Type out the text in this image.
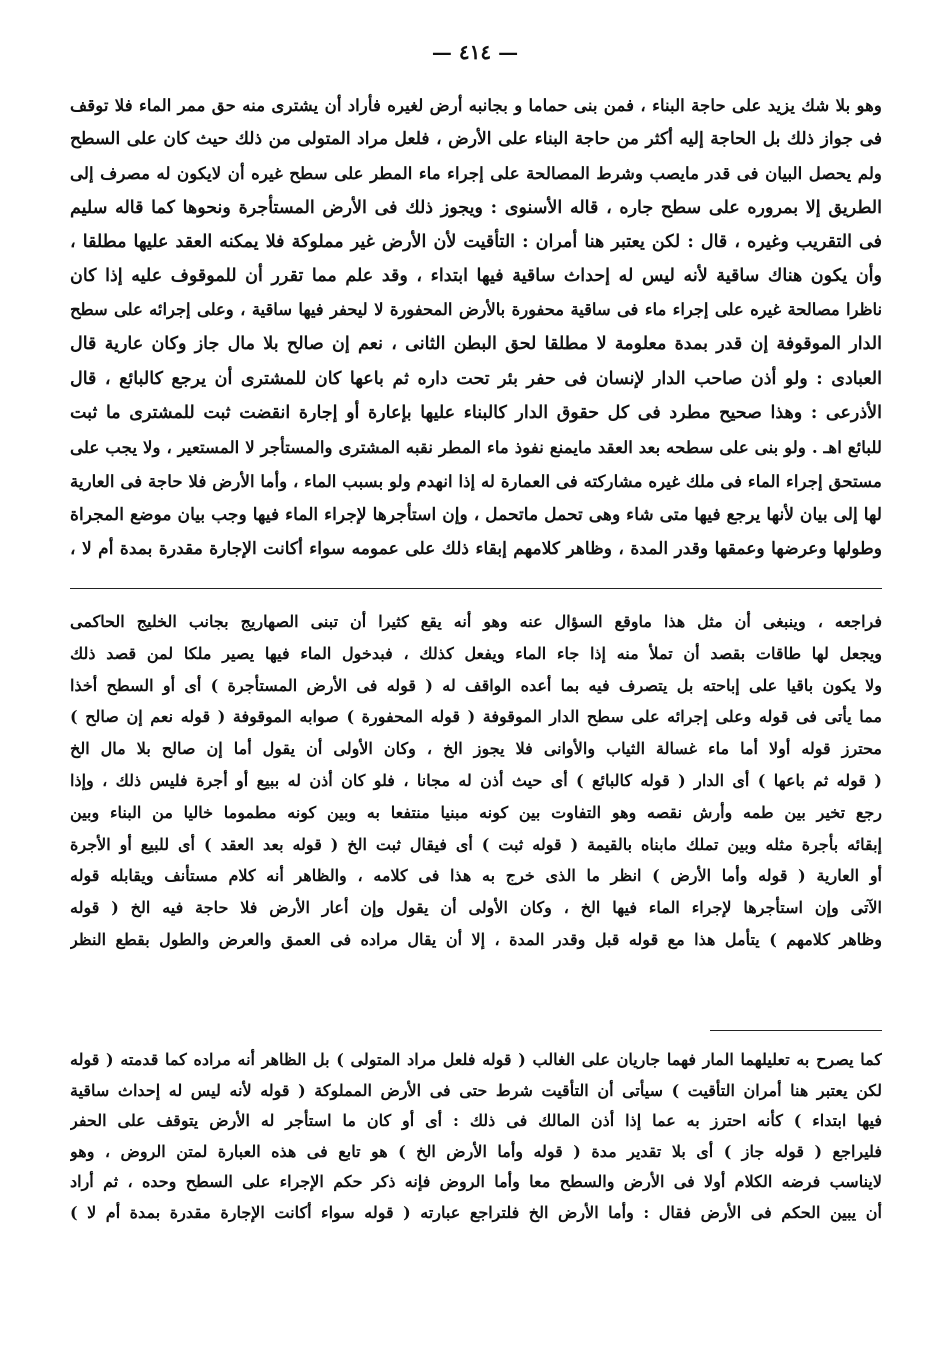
— ٤١٤ —
وهو بلا شك يزيد على حاجة البناء ، فمن بنى حماما و بجانبه أرض لغيره فأراد أن يشترى منه حق ممر الماء فلا توقف
فى جواز ذلك بل الحاجة إليه أكثر من حاجة البناء على الأرض ، فلعل مراد المتولى من ذلك حيث كان على السطح
ولم يحصل البيان فى قدر مايصب وشرط المصالحة على إجراء ماء المطر على سطح غيره أن لايكون له مصرف إلى
الطريق إلا بمروره على سطح جاره ، قاله الأسنوى : ويجوز ذلك فى الأرض المستأجرة ونحوها كما قاله سليم
فى التقريب وغيره ، قال : لكن يعتبر هنا أمران : التأقيت لأن الأرض غير مملوكة فلا يمكنه العقد عليها مطلقا ،
وأن يكون هناك ساقية لأنه ليس له إحداث ساقية فيها ابتداء ، وقد علم مما تقرر أن للموقوف عليه إذا كان
ناظرا مصالحة غيره على إجراء ماء فى ساقية محفورة بالأرض المحفورة لا ليحفر فيها ساقية ، وعلى إجرائه على سطح
الدار الموقوفة إن قدر بمدة معلومة لا مطلقا لحق البطن الثانى ، نعم إن صالح بلا مال جاز وكان عارية قال
العبادى : ولو أذن صاحب الدار لإنسان فى حفر بئر تحت داره ثم باعها كان للمشترى أن يرجع كالبائع ، قال
الأذرعى : وهذا صحيح مطرد فى كل حقوق الدار كالبناء عليها بإعارة أو إجارة انقضت ثبت للمشترى ما ثبت
للبائع اهـ . ولو بنى على سطحه بعد العقد مايمنع نفوذ ماء المطر نقبه المشترى والمستأجر لا المستعير ، ولا يجب على
مستحق إجراء الماء فى ملك غيره مشاركته فى العمارة له إذا انهدم ولو بسبب الماء ، وأما الأرض فلا حاجة فى العارية
لها إلى بيان لأنها يرجع فيها متى شاء وهى تحمل ماتحمل ، وإن استأجرها لإجراء الماء فيها وجب بيان موضع المجراة
وطولها وعرضها وعمقها وقدر المدة ، وظاهر كلامهم إبقاء ذلك على عمومه سواء أكانت الإجارة مقدرة بمدة أم لا ،
فراجعه ، وينبغى أن مثل هذا ماوقع السؤال عنه وهو أنه يقع كثيرا أن تبنى الصهاريج بجانب الخليج الحاكمى
ويجعل لها طاقات بقصد أن تملأ منه إذا جاء الماء ويفعل كذلك ، فبدخول الماء فيها يصير ملكا لمن قصد ذلك
ولا يكون باقيا على إباحته بل يتصرف فيه بما أعده الواقف له ( قوله فى الأرض المستأجرة ) أى أو السطح أخذا
مما يأتى فى قوله وعلى إجرائه على سطح الدار الموقوفة ( قوله المحفورة ) صوابه الموقوفة ( قوله نعم إن صالح )
محترز قوله أولا أما ماء غسالة الثياب والأوانى فلا يجوز الخ ، وكان الأولى أن يقول أما إن صالح بلا مال الخ
( قوله ثم باعها ) أى الدار ( قوله كالبائع ) أى حيث أذن له مجانا ، فلو كان أذن له ببيع أو أجرة فليس ذلك ، وإذا
رجع تخير بين طمه وأرش نقصه وهو التفاوت بين كونه مبنيا منتفعا به وبين كونه مطموما خاليا من البناء وبين
إبقائه بأجرة مثله وبين تملك مابناه بالقيمة ( قوله ثبت ) أى فيقال ثبت الخ ( قوله بعد العقد ) أى للبيع أو الأجرة
أو العارية ( قوله وأما الأرض ) انظر ما الذى خرج به هذا فى كلامه ، والظاهر أنه كلام مستأنف ويقابله قوله
الآتى وإن استأجرها لإجراء الماء فيها الخ ، وكان الأولى أن يقول وإن أعار الأرض فلا حاجة فيه الخ ( قوله
وظاهر كلامهم ) يتأمل هذا مع قوله قبل وقدر المدة ، إلا أن يقال مراده فى العمق والعرض والطول بقطع النظر
كما يصرح به تعليلهما المار فهما جاريان على الغالب ( قوله فلعل مراد المتولى ) بل الظاهر أنه مراده كما قدمته ( قوله
لكن يعتبر هنا أمران التأقيت ) سيأتى أن التأقيت شرط حتى فى الأرض المملوكة ( قوله لأنه ليس له إحداث ساقية
فيها ابتداء ) كأنه احترز به عما إذا أذن المالك فى ذلك : أى أو كان ما استأجر له الأرض يتوقف على الحفر
فليراجع ( قوله جاز ) أى بلا تقدير مدة ( قوله وأما الأرض الخ ) هو تابع فى هذه العبارة لمتن الروض ، وهو
لايناسب فرضه الكلام أولا فى الأرض والسطح معا وأما الروض فإنه ذكر حكم الإجراء على السطح وحده ، ثم أراد
أن يبين الحكم فى الأرض فقال : وأما الأرض الخ فلتراجع عبارته ( قوله سواء أكانت الإجارة مقدرة بمدة أم لا )
